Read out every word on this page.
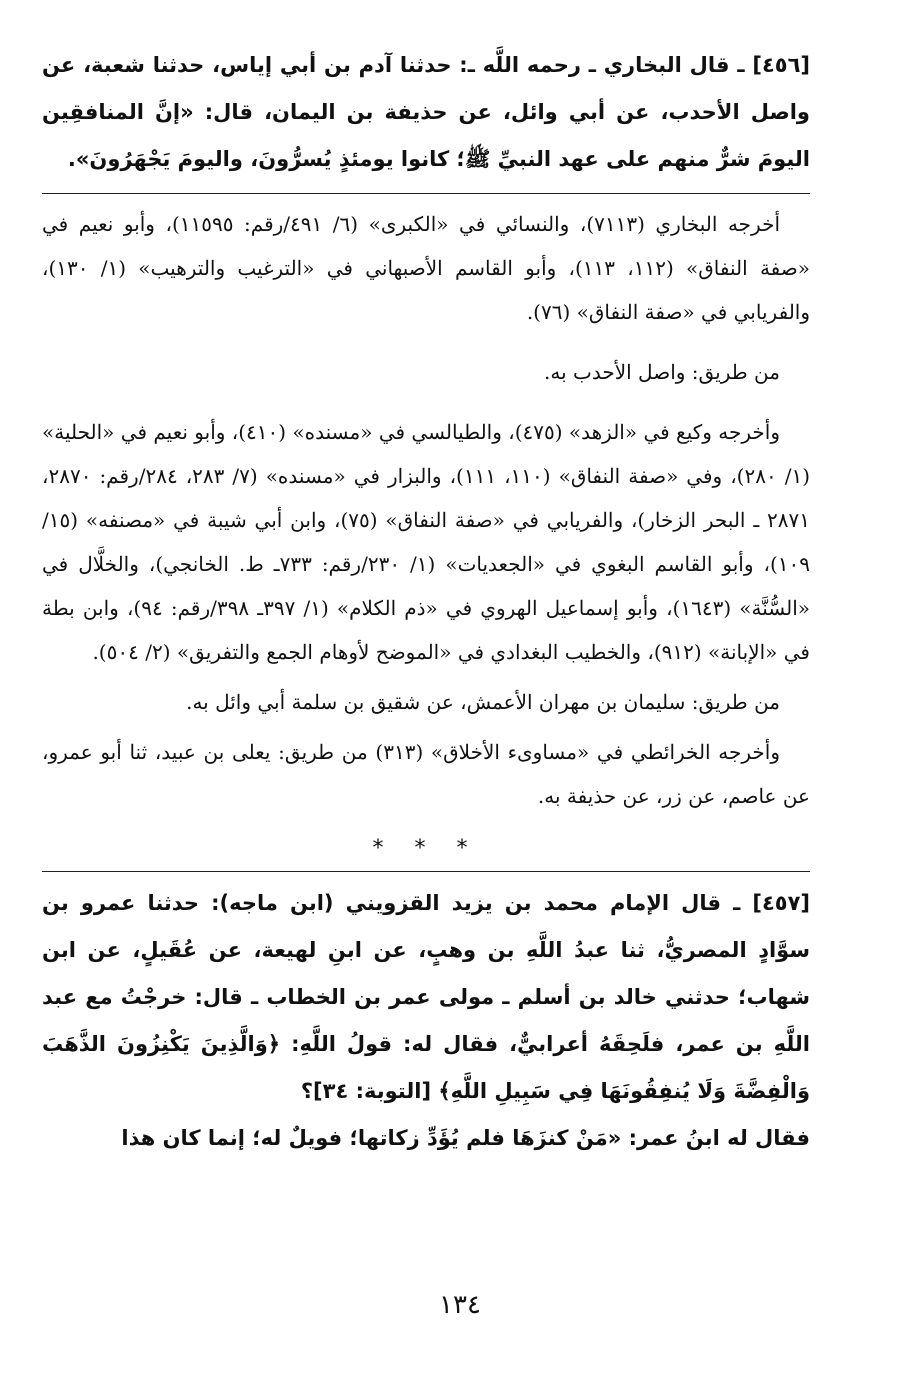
[٤٥٦] ـ قال البخاري ـ رحمه اللَّه ـ: حدثنا آدم بن أبي إياس، حدثنا شعبة، عن واصل الأحدب، عن أبي وائل، عن حذيفة بن اليمان، قال: «إنَّ المنافقِين اليومَ شرٌّ منهم على عهد النبيِّ ﷺ؛ كانوا يومئذٍ يُسرُّونَ، واليومَ يَجْهَرُونَ».

أخرجه البخاري (٧١١٣)، والنسائي في «الكبرى» (٦/ ٤٩١/رقم: ١١٥٩٥)، وأبو نعيم في «صفة النفاق» (١١٢، ١١٣)، وأبو القاسم الأصبهاني في «الترغيب والترهيب» (١/ ١٣٠)، والفريابي في «صفة النفاق» (٧٦).

من طريق: واصل الأحدب به.

وأخرجه وكيع في «الزهد» (٤٧٥)، والطيالسي في «مسنده» (٤١٠)، وأبو نعيم في «الحلية» (١/ ٢٨٠)، وفي «صفة النفاق» (١١٠، ١١١)، والبزار في «مسنده» (٧/ ٢٨٣، ٢٨٤/رقم: ٢٨٧٠، ٢٨٧١ ـ البحر الزخار)، والفريابي في «صفة النفاق» (٧٥)، وابن أبي شيبة في «مصنفه» (١٥/ ١٠٩)، وأبو القاسم البغوي في «الجعديات» (١/ ٢٣٠/رقم: ٧٣٣ـ ط. الخانجي)، والخلَّال في «السُّنَّة» (١٦٤٣)، وأبو إسماعيل الهروي في «ذم الكلام» (١/ ٣٩٧ـ ٣٩٨/رقم: ٩٤)، وابن بطة في «الإبانة» (٩١٢)، والخطيب البغدادي في «الموضح لأوهام الجمع والتفريق» (٢/ ٥٠٤).

من طريق: سليمان بن مهران الأعمش، عن شقيق بن سلمة أبي وائل به.

وأخرجه الخرائطي في «مساوىء الأخلاق» (٣١٣) من طريق: يعلى بن عبيد، ثنا أبو عمرو، عن عاصم، عن زر، عن حذيفة به.

* * *

[٤٥٧] ـ قال الإمام محمد بن يزيد القزويني (ابن ماجه): حدثنا عمرو بن سوَّادٍ المصريُّ، ثنا عبدُ اللَّهِ بن وهبٍ، عن ابنِ لهيعة، عن عُقَيلٍ، عن ابن شهاب؛ حدثني خالد بن أسلم ـ مولى عمر بن الخطاب ـ قال: خرجْتُ مع عبد اللَّهِ بن عمر، فلَحِقَهُ أعرابيٌّ، فقال له: قولُ اللَّهِ: ﴿وَالَّذِينَ يَكْنِزُونَ الذَّهَبَ وَالْفِضَّةَ وَلَا يُنفِقُونَهَا فِي سَبِيلِ اللَّهِ﴾ [التوبة: ٣٤]؟

فقال له ابنُ عمر: «مَنْ كنزَهَا فلم يُؤَدِّ زكاتها؛ فويلٌ له؛ إنما كان هذا

١٣٤
